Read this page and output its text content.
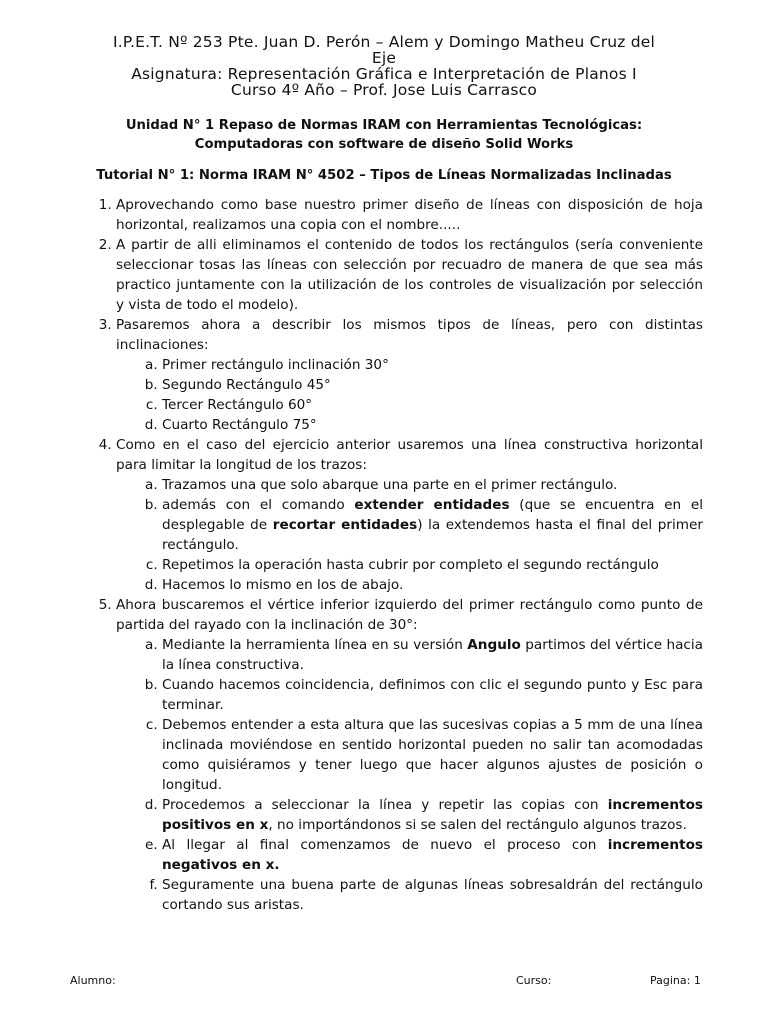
I.P.E.T. Nº 253 Pte. Juan D. Perón – Alem y Domingo Matheu Cruz del
Eje
Asignatura: Representación Gráfica e Interpretación de Planos I
Curso 4º Año – Prof. Jose Luis Carrasco
Unidad N° 1 Repaso de Normas IRAM con Herramientas Tecnológicas:
Computadoras con software de diseño Solid Works
Tutorial N° 1: Norma IRAM N° 4502 – Tipos de Líneas Normalizadas Inclinadas
1. Aprovechando como base nuestro primer diseño de líneas con disposición de hoja horizontal, realizamos una copia con el nombre.....
2. A partir de alli eliminamos el contenido de todos los rectángulos (sería conveniente seleccionar tosas las líneas con selección por recuadro de manera de que sea más practico juntamente con la utilización de los controles de visualización por selección y vista de todo el modelo).
3. Pasaremos ahora a describir los mismos tipos de líneas, pero con distintas inclinaciones:
a. Primer rectángulo inclinación 30°
b. Segundo Rectángulo 45°
c. Tercer Rectángulo 60°
d. Cuarto Rectángulo 75°
4. Como en el caso del ejercicio anterior usaremos una línea constructiva horizontal para limitar la longitud de los trazos:
a. Trazamos una que solo abarque una parte en el primer rectángulo.
b. además con el comando extender entidades (que se encuentra en el desplegable de recortar entidades) la extendemos hasta el final del primer rectángulo.
c. Repetimos la operación hasta cubrir por completo el segundo rectángulo
d. Hacemos lo mismo en los de abajo.
5. Ahora buscaremos el vértice inferior izquierdo del primer rectángulo como punto de partida del rayado con la inclinación de 30°:
a. Mediante la herramienta línea en su versión Angulo partimos del vértice hacia la línea constructiva.
b. Cuando hacemos coincidencia, definimos con clic el segundo punto y Esc para terminar.
c. Debemos entender a esta altura que las sucesivas copias a 5 mm de una línea inclinada moviéndose en sentido horizontal pueden no salir tan acomodadas como quisiéramos y tener luego que hacer algunos ajustes de posición o longitud.
d. Procedemos a seleccionar la línea y repetir las copias con incrementos positivos en x, no importándonos si se salen del rectángulo algunos trazos.
e. Al llegar al final comenzamos de nuevo el proceso con incrementos negativos en x.
f. Seguramente una buena parte de algunas líneas sobresaldrán del rectángulo cortando sus aristas.
Alumno:	Curso:	Pagina: 1
